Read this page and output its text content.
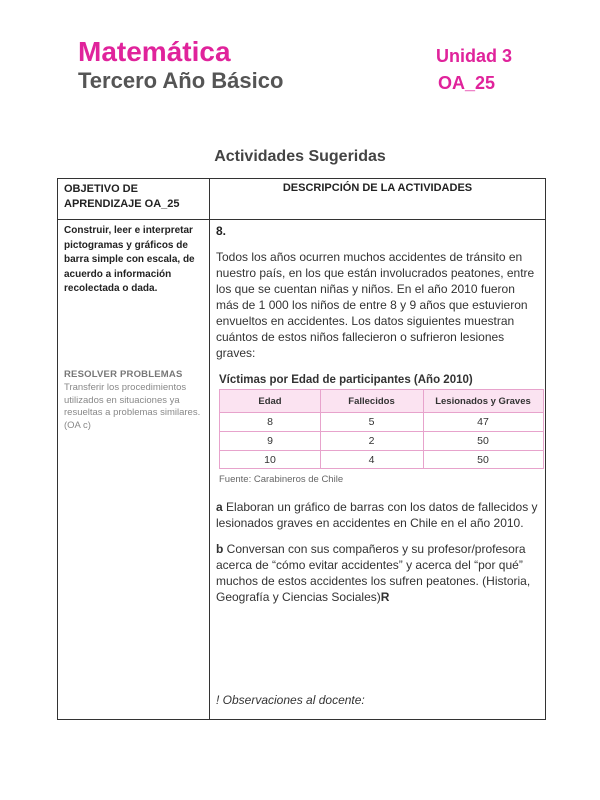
Matemática
Tercero Año Básico
Unidad 3
OA_25
Actividades Sugeridas
OBJETIVO DE APRENDIZAJE OA_25
DESCRIPCIÓN DE LA ACTIVIDADES
Construir, leer e interpretar pictogramas y gráficos de barra simple con escala, de acuerdo a información recolectada o dada.
RESOLVER PROBLEMAS
Transferir los procedimientos utilizados en situaciones ya resueltas a problemas similares. (OA c)
8.
Todos los años ocurren muchos accidentes de tránsito en nuestro país, en los que están involucrados peatones, entre los que se cuentan niñas y niños. En el año 2010 fueron más de 1 000 los niños de entre 8 y 9 años que estuvieron envueltos en accidentes. Los datos siguientes muestran cuántos de estos niños fallecieron o sufrieron lesiones graves:
Víctimas por Edad de participantes (Año 2010)
Edad	Fallecidos	Lesionados y Graves
8	5	47
9	2	50
10	4	50
Fuente: Carabineros de Chile
a Elaboran un gráfico de barras con los datos de fallecidos y lesionados graves en accidentes en Chile en el año 2010.
b Conversan con sus compañeros y su profesor/profesora acerca de “cómo evitar accidentes” y acerca del “por qué” muchos de estos accidentes los sufren peatones. (Historia, Geografía y Ciencias Sociales)R
! Observaciones al docente:
